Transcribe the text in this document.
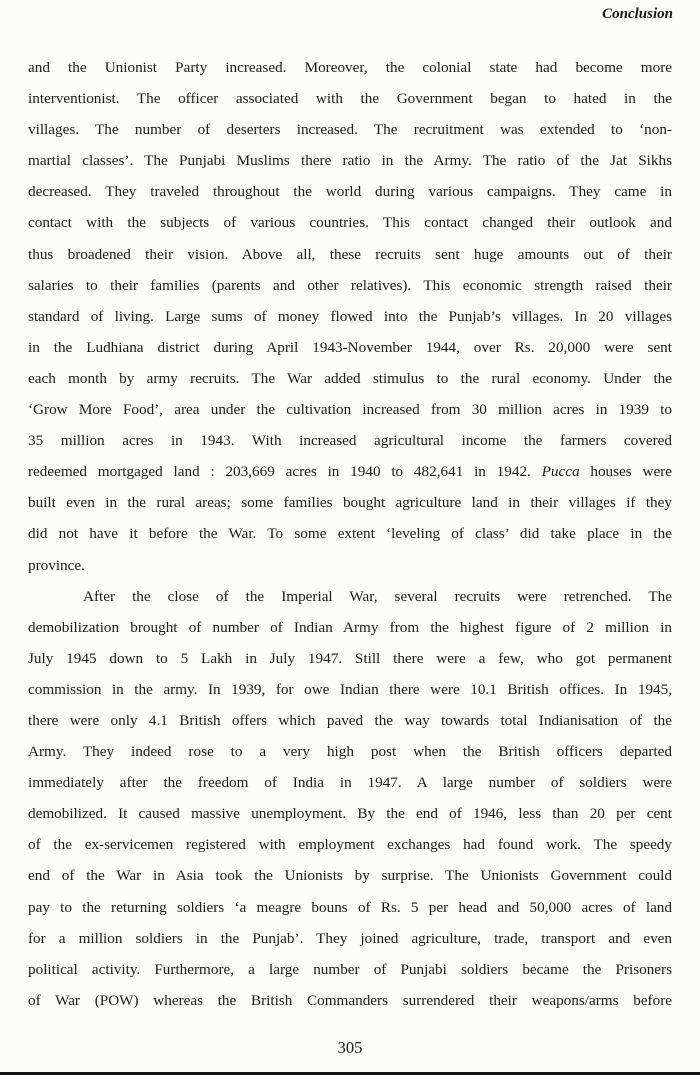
Conclusion
and the Unionist Party increased. Moreover, the colonial state had become more
interventionist. The officer associated with the Government began to hated in the
villages. The number of deserters increased. The recruitment was extended to ‘non-
martial classes’. The Punjabi Muslims there ratio in the Army. The ratio of the Jat Sikhs
decreased. They traveled throughout the world during various campaigns. They came in
contact with the subjects of various countries. This contact changed their outlook and
thus broadened their vision. Above all, these recruits sent huge amounts out of their
salaries to their families (parents and other relatives). This economic strength raised their
standard of living. Large sums of money flowed into the Punjab’s villages. In 20 villages
in the Ludhiana district during April 1943-November 1944, over Rs. 20,000 were sent
each month by army recruits. The War added stimulus to the rural economy. Under the
‘Grow More Food’, area under the cultivation increased from 30 million acres in 1939 to
35 million acres in 1943. With increased agricultural income the farmers covered
redeemed mortgaged land : 203,669 acres in 1940 to 482,641 in 1942. Pucca houses were
built even in the rural areas; some families bought agriculture land in their villages if they
did not have it before the War. To some extent ‘leveling of class’ did take place in the
province.
After the close of the Imperial War, several recruits were retrenched. The
demobilization brought of number of Indian Army from the highest figure of 2 million in
July 1945 down to 5 Lakh in July 1947. Still there were a few, who got permanent
commission in the army. In 1939, for owe Indian there were 10.1 British offices. In 1945,
there were only 4.1 British offers which paved the way towards total Indianisation of the
Army. They indeed rose to a very high post when the British officers departed
immediately after the freedom of India in 1947. A large number of soldiers were
demobilized. It caused massive unemployment. By the end of 1946, less than 20 per cent
of the ex-servicemen registered with employment exchanges had found work. The speedy
end of the War in Asia took the Unionists by surprise. The Unionists Government could
pay to the returning soldiers ‘a meagre bouns of Rs. 5 per head and 50,000 acres of land
for a million soldiers in the Punjab’. They joined agriculture, trade, transport and even
political activity. Furthermore, a large number of Punjabi soldiers became the Prisoners
of War (POW) whereas the British Commanders surrendered their weapons/arms before
305
